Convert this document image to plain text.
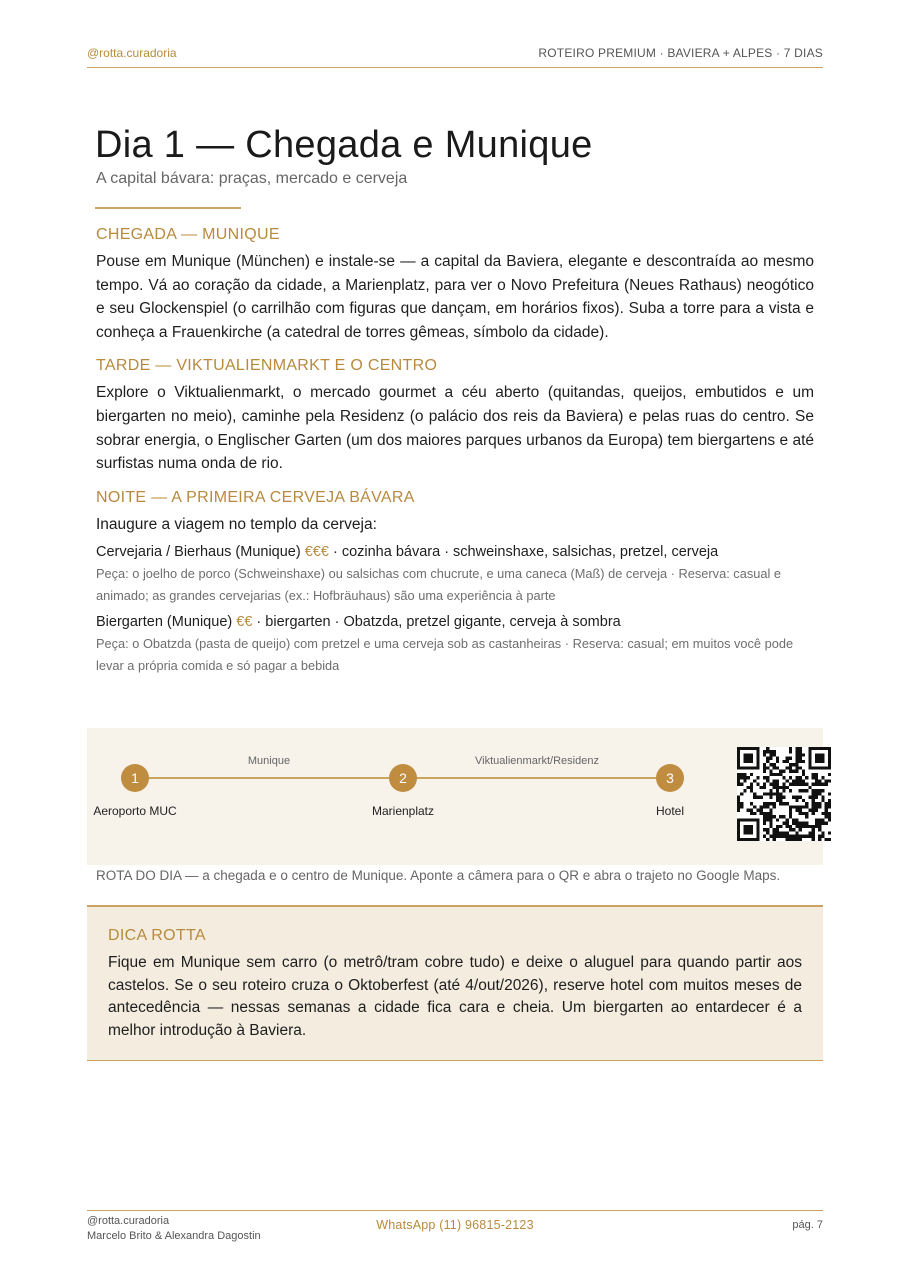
@rotta.curadoria	ROTEIRO PREMIUM · BAVIERA + ALPES · 7 DIAS
Dia 1 — Chegada e Munique
A capital bávara: praças, mercado e cerveja
CHEGADA — MUNIQUE

Pouse em Munique (München) e instale-se — a capital da Baviera, elegante e descontraída ao mesmo tempo. Vá ao coração da cidade, a Marienplatz, para ver o Novo Prefeitura (Neues Rathaus) neogótico e seu Glockenspiel (o carrilhão com figuras que dançam, em horários fixos). Suba a torre para a vista e conheça a Frauenkirche (a catedral de torres gêmeas, símbolo da cidade).

TARDE — VIKTUALIENMARKT E O CENTRO

Explore o Viktualienmarkt, o mercado gourmet a céu aberto (quitandas, queijos, embutidos e um biergarten no meio), caminhe pela Residenz (o palácio dos reis da Baviera) e pelas ruas do centro. Se sobrar energia, o Englischer Garten (um dos maiores parques urbanos da Europa) tem biergartens e até surfistas numa onda de rio.

NOITE — A PRIMEIRA CERVEJA BÁVARA

Inaugure a viagem no templo da cerveja:

Cervejaria / Bierhaus (Munique) €€€ · cozinha bávara · schweinshaxe, salsichas, pretzel, cerveja
Peça: o joelho de porco (Schweinshaxe) ou salsichas com chucrute, e uma caneca (Maß) de cerveja · Reserva: casual e animado; as grandes cervejarias (ex.: Hofbräuhaus) são uma experiência à parte
Biergarten (Munique) €€ · biergarten · Obatzda, pretzel gigante, cerveja à sombra
Peça: o Obatzda (pasta de queijo) com pretzel e uma cerveja sob as castanheiras · Reserva: casual; em muitos você pode levar a própria comida e só pagar a bebida
Munique	Viktualienmarkt/Residenz
1	2	3
Aeroporto MUC	Marienplatz	Hotel
ROTA DO DIA — a chegada e o centro de Munique. Aponte a câmera para o QR e abra o trajeto no Google Maps.
DICA ROTTA
Fique em Munique sem carro (o metrô/tram cobre tudo) e deixe o aluguel para quando partir aos castelos. Se o seu roteiro cruza o Oktoberfest (até 4/out/2026), reserve hotel com muitos meses de antecedência — nessas semanas a cidade fica cara e cheia. Um biergarten ao entardecer é a melhor introdução à Baviera.
@rotta.curadoria
Marcelo Brito & Alexandra Dagostin
WhatsApp (11) 96815-2123	pág. 7
